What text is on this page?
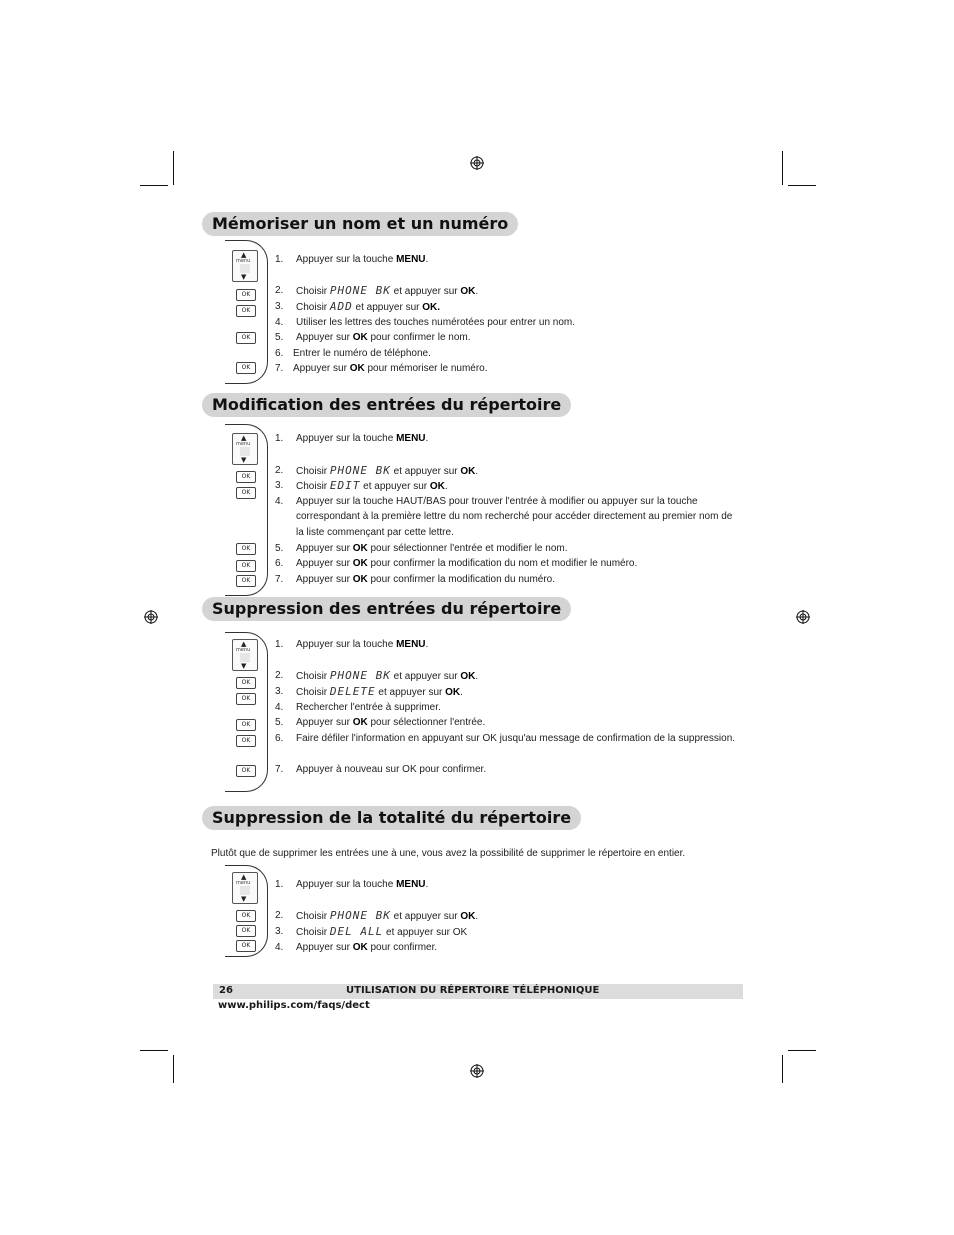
Mémoriser un nom et un numéro
▲
menu
▼
OK
OK
OK
OK
1. Appuyer sur la touche MENU.
2. Choisir PHONE BK et appuyer sur OK.
3. Choisir ADD et appuyer sur OK.
4. Utiliser les lettres des touches numérotées pour entrer un nom.
5. Appuyer sur OK pour confirmer le nom.
6. Entrer le numéro de téléphone.
7. Appuyer sur OK pour mémoriser le numéro.
Modification des entrées du répertoire
▲
menu
▼
OK
OK
OK
OK
OK
1. Appuyer sur la touche MENU.
2. Choisir PHONE BK et appuyer sur OK.
3. Choisir EDIT et appuyer sur OK.
4. Appuyer sur la touche HAUT/BAS pour trouver l'entrée à modifier ou appuyer sur la touche
correspondant à la première lettre du nom recherché pour accéder directement au premier nom de
la liste commençant par cette lettre.
5. Appuyer sur OK pour sélectionner l'entrée et modifier le nom.
6. Appuyer sur OK pour confirmer la modification du nom et modifier le numéro.
7. Appuyer sur OK pour confirmer la modification du numéro.
Suppression des entrées du répertoire
▲
menu
▼
OK
OK
OK
OK
OK
1. Appuyer sur la touche MENU.
2. Choisir PHONE BK et appuyer sur OK.
3. Choisir DELETE et appuyer sur OK.
4. Rechercher l'entrée à supprimer.
5. Appuyer sur OK pour sélectionner l'entrée.
6. Faire défiler l'information en appuyant sur OK jusqu'au message de confirmation de la suppression.
7. Appuyer à nouveau sur OK pour confirmer.
Suppression de la totalité du répertoire
Plutôt que de supprimer les entrées une à une, vous avez la possibilité de supprimer le répertoire en entier.
▲
menu
▼
OK
OK
OK
1. Appuyer sur la touche MENU.
2. Choisir PHONE BK et appuyer sur OK.
3. Choisir DEL ALL et appuyer sur OK
4. Appuyer sur OK pour confirmer.
26	UTILISATION DU RÉPERTOIRE TÉLÉPHONIQUE
www.philips.com/faqs/dect
